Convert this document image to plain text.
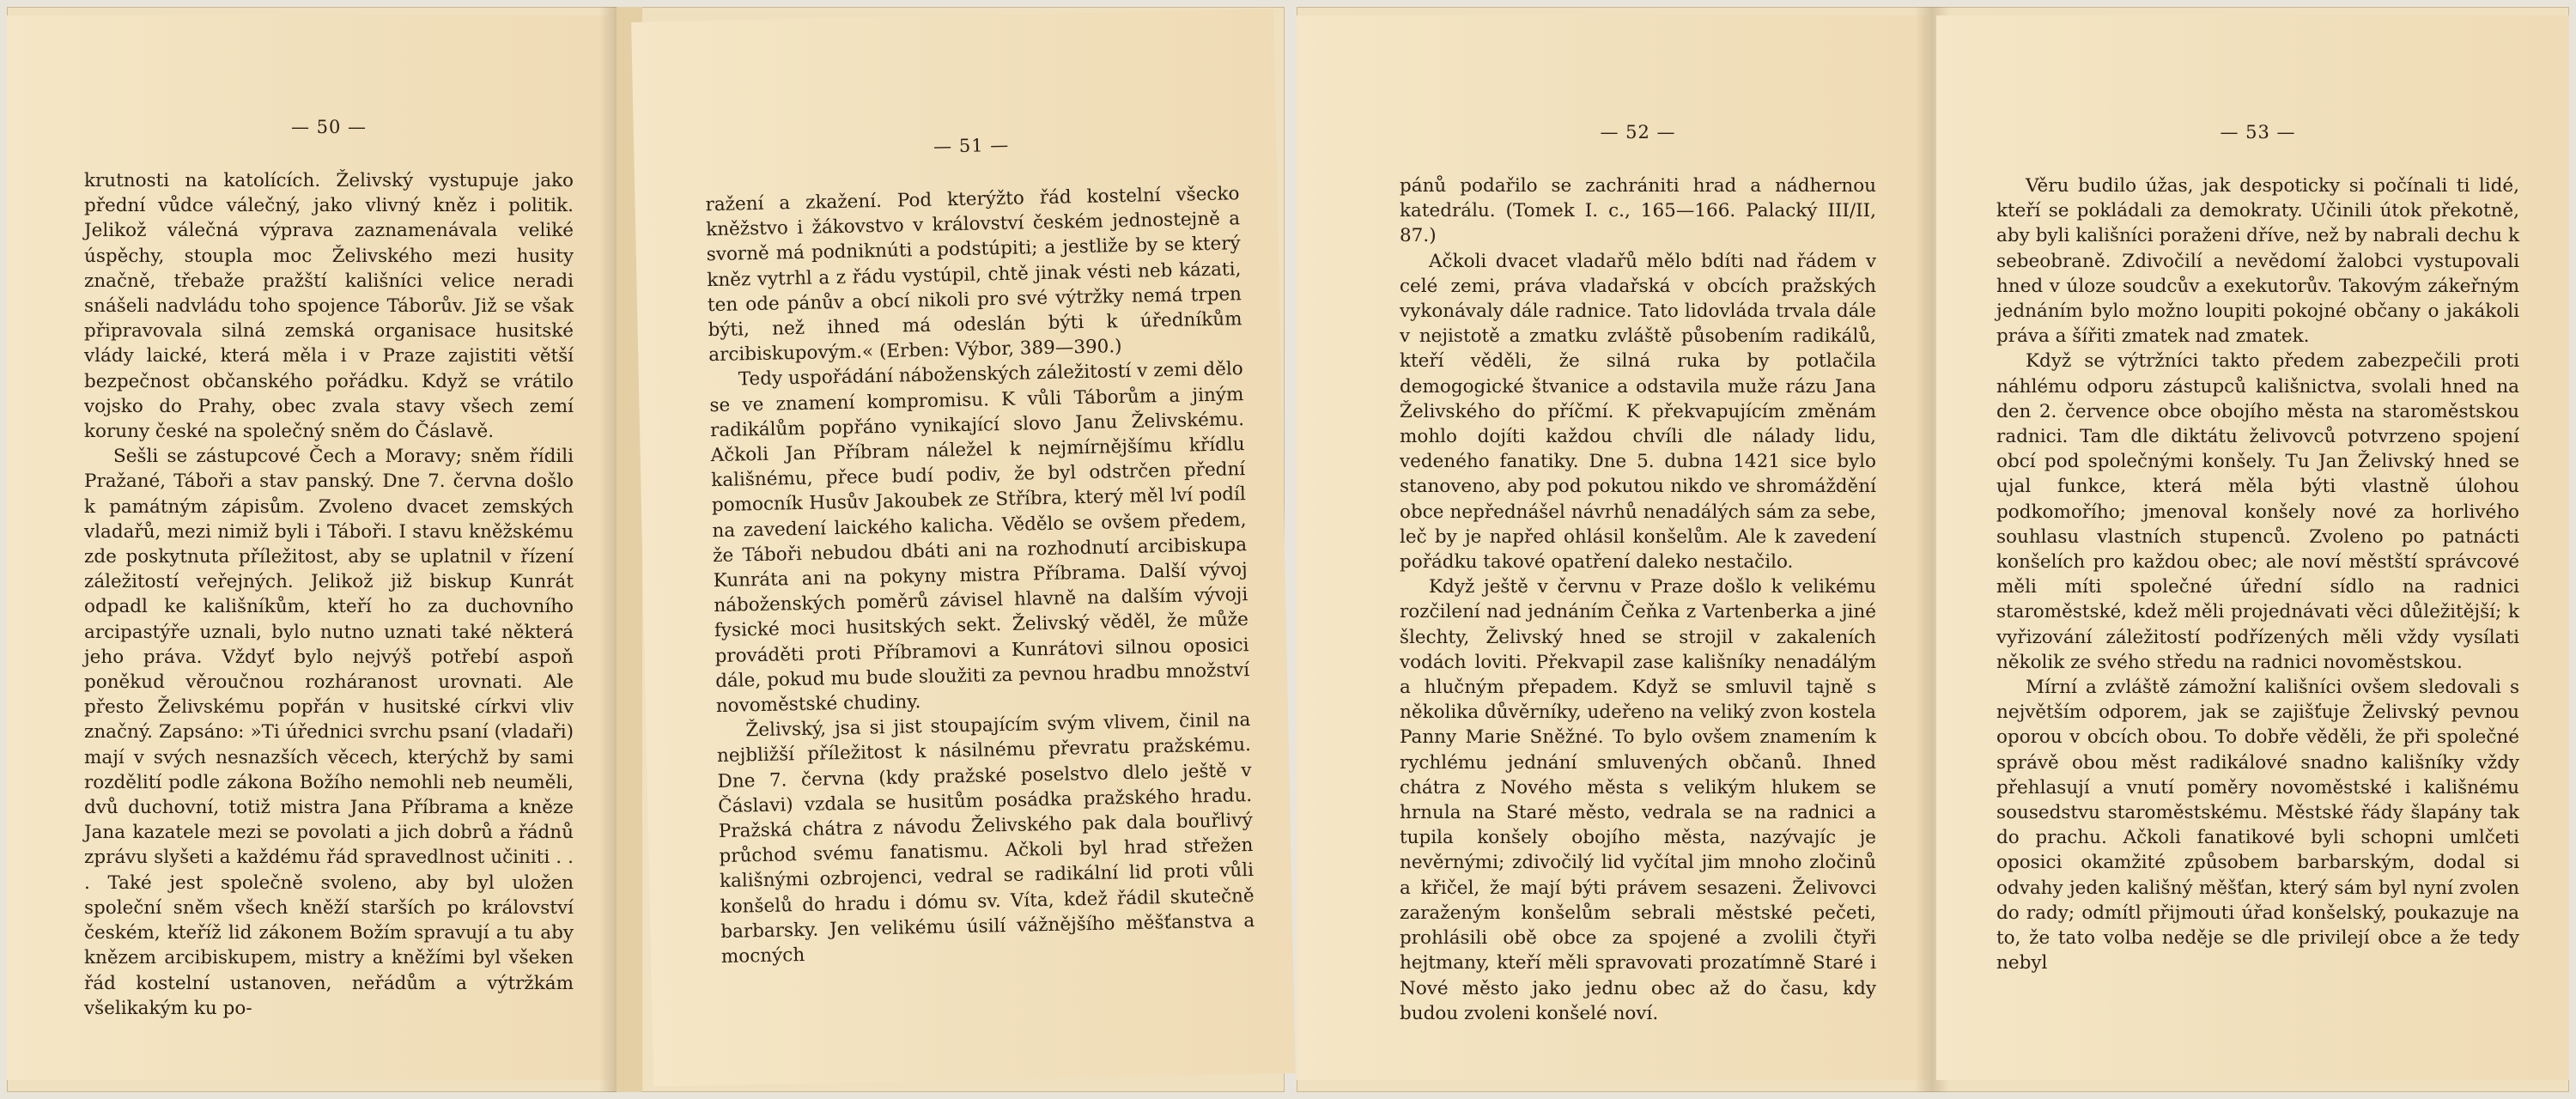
— 50 —

krutnosti na katolících. Želivský vystupuje jako přední vůdce válečný, jako vlivný kněz i politik. Jelikož válečná výprava zaznamenávala veliké úspěchy, stoupla moc Želivského mezi husity značně, třebaže pražští kališníci velice neradi snášeli nadvládu toho spojence Táborův. Již se však připravovala silná zemská organisace husitské vlády laické, která měla i v Praze zajistiti větší bezpečnost občanského pořádku. Když se vrátilo vojsko do Prahy, obec zvala stavy všech zemí koruny české na společný sněm do Čáslavě.

Sešli se zástupcové Čech a Moravy; sněm řídili Pražané, Táboři a stav panský. Dne 7. června došlo k památným zápisům. Zvoleno dvacet zemských vladařů, mezi nimiž byli i Táboři. I stavu kněžskému zde poskytnuta příležitost, aby se uplatnil v řízení záležitostí veřejných. Jelikož již biskup Kunrát odpadl ke kališníkům, kteří ho za duchovního arcipastýře uznali, bylo nutno uznati také některá jeho práva. Vždyť bylo nejvýš potřebí aspoň poněkud věroučnou rozháranost urovnati. Ale přesto Želivskému popřán v husitské církvi vliv značný. Zapsáno: »Ti úřednici svrchu psaní (vladaři) mají v svých nesnazších věcech, kterýchž by sami rozdělití podle zákona Božího nemohli neb neuměli, dvů duchovní, totiž mistra Jana Příbrama a kněze Jana kazatele mezi se povolati a jich dobrů a řádnů zprávu slyšeti a každému řád spravedlnost učiniti . . . Také jest společně svoleno, aby byl uložen společní sněm všech kněží starších po království českém, kteříž lid zákonem Božím spravují a tu aby knězem arcibiskupem, mistry a kněžími byl všeken řád kostelní ustanoven, neřádům a výtržkám všelikakým ku po-

— 51 —

ražení a zkažení. Pod kterýžto řád kostelní všecko kněžstvo i žákovstvo v království českém jednostejně a svorně má podniknúti a podstúpiti; a jestliže by se který kněz vytrhl a z řádu vystúpil, chtě jinak vésti neb kázati, ten ode pánův a obcí nikoli pro své výtržky nemá trpen býti, než ihned má odeslán býti k úředníkům arcibiskupovým.« (Erben: Výbor, 389—390.)

Tedy uspořádání náboženských záležitostí v zemi dělo se ve znamení kompromisu. K vůli Táborům a jiným radikálům popřáno vynikající slovo Janu Želivskému. Ačkoli Jan Příbram náležel k nejmírnějšímu křídlu kališnému, přece budí podiv, že byl odstrčen přední pomocník Husův Jakoubek ze Stříbra, který měl lví podíl na zavedení laického kalicha. Vědělo se ovšem předem, že Táboři nebudou dbáti ani na rozhodnutí arcibiskupa Kunráta ani na pokyny mistra Příbrama. Další vývoj náboženských poměrů závisel hlavně na dalším vývoji fysické moci husitských sekt. Želivský věděl, že může prováděti proti Příbramovi a Kunrátovi silnou oposici dále, pokud mu bude sloužiti za pevnou hradbu množství novoměstské chudiny.

Želivský, jsa si jist stoupajícím svým vlivem, činil na nejbližší příležitost k násilnému převratu pražskému. Dne 7. června (kdy pražské poselstvo dlelo ještě v Čáslavi) vzdala se husitům posádka pražského hradu. Pražská chátra z návodu Želivského pak dala bouřlivý průchod svému fanatismu. Ačkoli byl hrad střežen kališnými ozbrojenci, vedral se radikální lid proti vůli konšelů do hradu i dómu sv. Víta, kdež řádil skutečně barbarsky. Jen velikému úsilí vážnějšího měšťanstva a mocných

— 52 —

pánů podařilo se zachrániti hrad a nádhernou katedrálu. (Tomek I. c., 165—166. Palacký III/II, 87.)

Ačkoli dvacet vladařů mělo bdíti nad řádem v celé zemi, práva vladařská v obcích pražských vykonávaly dále radnice. Tato lidovláda trvala dále v nejistotě a zmatku zvláště působením radikálů, kteří věděli, že silná ruka by potlačila demogogické štvanice a odstavila muže rázu Jana Želivského do příčmí. K překvapujícím změnám mohlo dojíti každou chvíli dle nálady lidu, vedeného fanatiky. Dne 5. dubna 1421 sice bylo stanoveno, aby pod pokutou nikdo ve shromáždění obce nepřednášel návrhů nenadálých sám za sebe, leč by je napřed ohlásil konšelům. Ale k zavedení pořádku takové opatření daleko nestačilo.

Když ještě v červnu v Praze došlo k velikému rozčilení nad jednáním Čeňka z Vartenberka a jiné šlechty, Želivský hned se strojil v zakaleních vodách loviti. Překvapil zase kališníky nenadálým a hlučným přepadem. Když se smluvil tajně s několika důvěrníky, udeřeno na veliký zvon kostela Panny Marie Sněžné. To bylo ovšem znamením k rychlému jednání smluvených občanů. Ihned chátra z Nového města s velikým hlukem se hrnula na Staré město, vedrala se na radnici a tupila konšely obojího města, nazývajíc je nevěrnými; zdivočilý lid vyčítal jim mnoho zločinů a křičel, že mají býti právem sesazeni. Želivovci zaraženým konšelům sebrali městské pečeti, prohlásili obě obce za spojené a zvolili čtyři hejtmany, kteří měli spravovati prozatímně Staré i Nové město jako jednu obec až do času, kdy budou zvoleni konšelé noví.

— 53 —

Věru budilo úžas, jak despoticky si počínali ti lidé, kteří se pokládali za demokraty. Učinili útok překotně, aby byli kališníci poraženi dříve, než by nabrali dechu k sebeobraně. Zdivočilí a nevědomí žalobci vystupovali hned v úloze soudcův a exekutorův. Takovým zákeřným jednáním bylo možno loupiti pokojné občany o jakákoli práva a šířiti zmatek nad zmatek.

Když se výtržníci takto předem zabezpečili proti náhlému odporu zástupců kališnictva, svolali hned na den 2. července obce obojího města na staroměstskou radnici. Tam dle diktátu želivovců potvrzeno spojení obcí pod společnými konšely. Tu Jan Želivský hned se ujal funkce, která měla býti vlastně úlohou podkomořího; jmenoval konšely nové za horlivého souhlasu vlastních stupenců. Zvoleno po patnácti konšelích pro každou obec; ale noví městští správcové měli míti společné úřední sídlo na radnici staroměstské, kdež měli projednávati věci důležitější; k vyřizování záležitostí podřízených měli vždy vysílati několik ze svého středu na radnici novoměstskou.

Mírní a zvláště zámožní kališníci ovšem sledovali s největším odporem, jak se zajišťuje Želivský pevnou oporou v obcích obou. To dobře věděli, že při společné správě obou měst radikálové snadno kališníky vždy přehlasují a vnutí poměry novoměstské i kališnému sousedstvu staroměstskému. Městské řády šlapány tak do prachu. Ačkoli fanatikové byli schopni umlčeti oposici okamžité způsobem barbarským, dodal si odvahy jeden kališný měšťan, který sám byl nyní zvolen do rady; odmítl přijmouti úřad konšelský, poukazuje na to, že tato volba neděje se dle privilejí obce a že tedy nebyl
